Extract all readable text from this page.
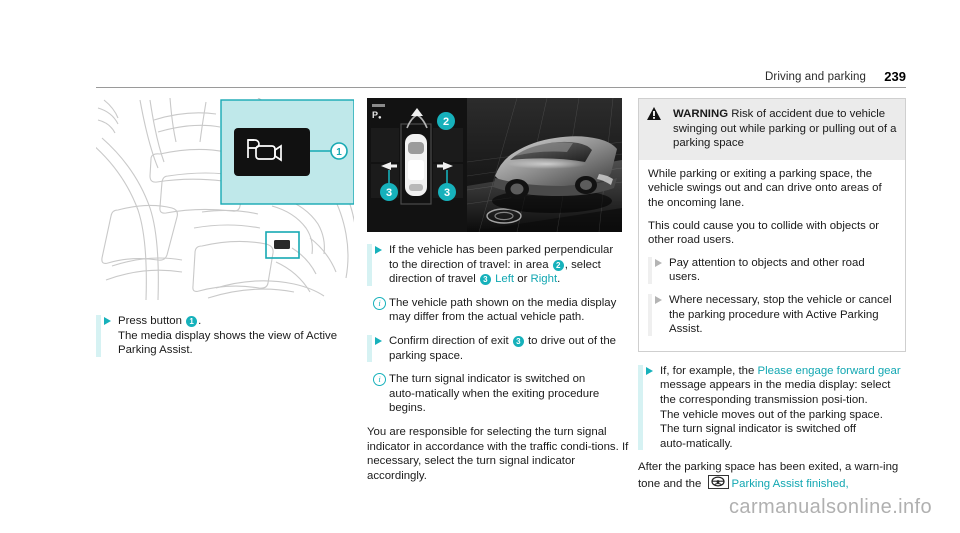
Driving and parking 239
1
Press button 1 .
The media display shows the view of Active
Parking Assist.
P ●	2
3	3
If the vehicle has been parked perpendicular
to the direction of travel: in area 2 , select
direction of travel 3 Left or Right.
i The vehicle path shown on the media display may differ from the actual vehicle path.
Confirm direction of exit 3 to drive out of the parking space.
i The turn signal indicator is switched on auto‑matically when the exiting procedure begins.

You are responsible for selecting the turn signal indicator in accordance with the traffic condi‑tions. If necessary, select the turn signal indicator accordingly.

WARNING Risk of accident due to vehicle swinging out while parking or pulling out of a parking space

While parking or exiting a parking space, the vehicle swings out and can drive onto areas of the oncoming lane.

This could cause you to collide with objects or other road users.

Pay attention to objects and other road users.
Where necessary, stop the vehicle or cancel the parking procedure with Active Parking Assist.
If, for example, the Please engage forward gear message appears in the media display: select the corresponding transmission posi‑tion.
The vehicle moves out of the parking space.
The turn signal indicator is switched off auto‑matically.

After the parking space has been exited, a warn‑ing tone and the
Parking Assist finished,

carmanualsonline.info
